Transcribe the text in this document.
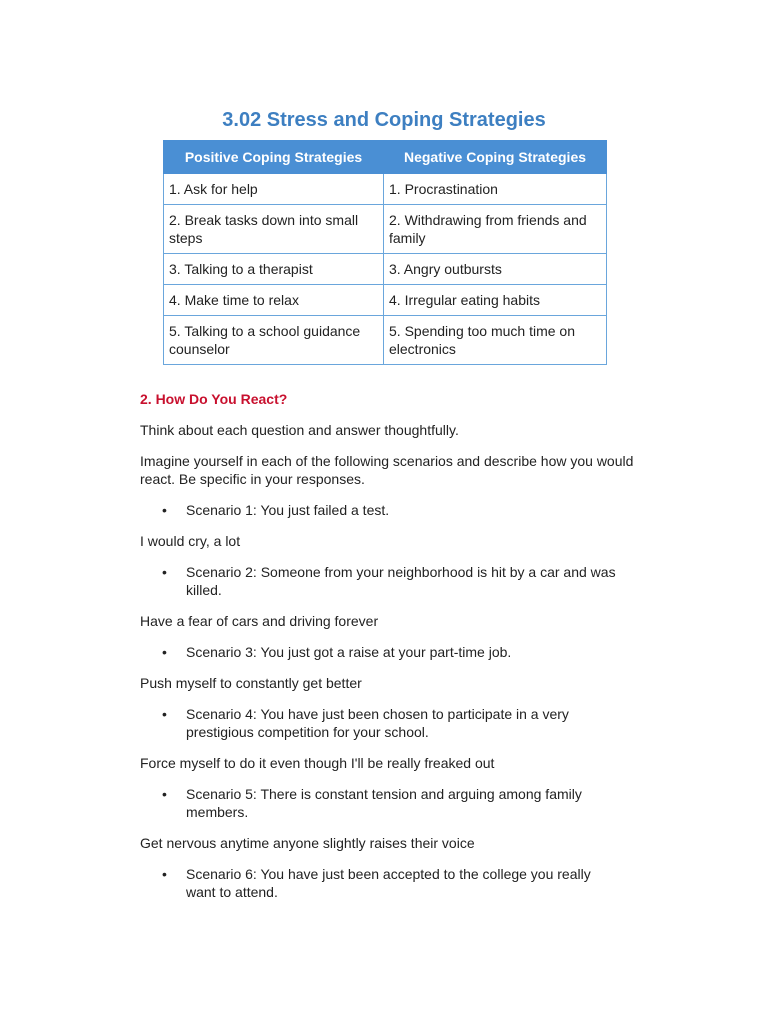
3.02 Stress and Coping Strategies
Positive Coping Strategies	Negative Coping Strategies
1. Ask for help	1. Procrastination
2. Break tasks down into small steps	2. Withdrawing from friends and family
3. Talking to a therapist	3. Angry outbursts
4. Make time to relax	4. Irregular eating habits
5. Talking to a school guidance counselor	5. Spending too much time on electronics

2. How Do You React?

Think about each question and answer thoughtfully.

Imagine yourself in each of the following scenarios and describe how you would react. Be specific in your responses.

• Scenario 1: You just failed a test.

I would cry, a lot

• Scenario 2: Someone from your neighborhood is hit by a car and was killed.

Have a fear of cars and driving forever

• Scenario 3: You just got a raise at your part-time job.

Push myself to constantly get better

• Scenario 4: You have just been chosen to participate in a very prestigious competition for your school.

Force myself to do it even though I'll be really freaked out

• Scenario 5: There is constant tension and arguing among family members.

Get nervous anytime anyone slightly raises their voice

• Scenario 6: You have just been accepted to the college you really want to attend.
